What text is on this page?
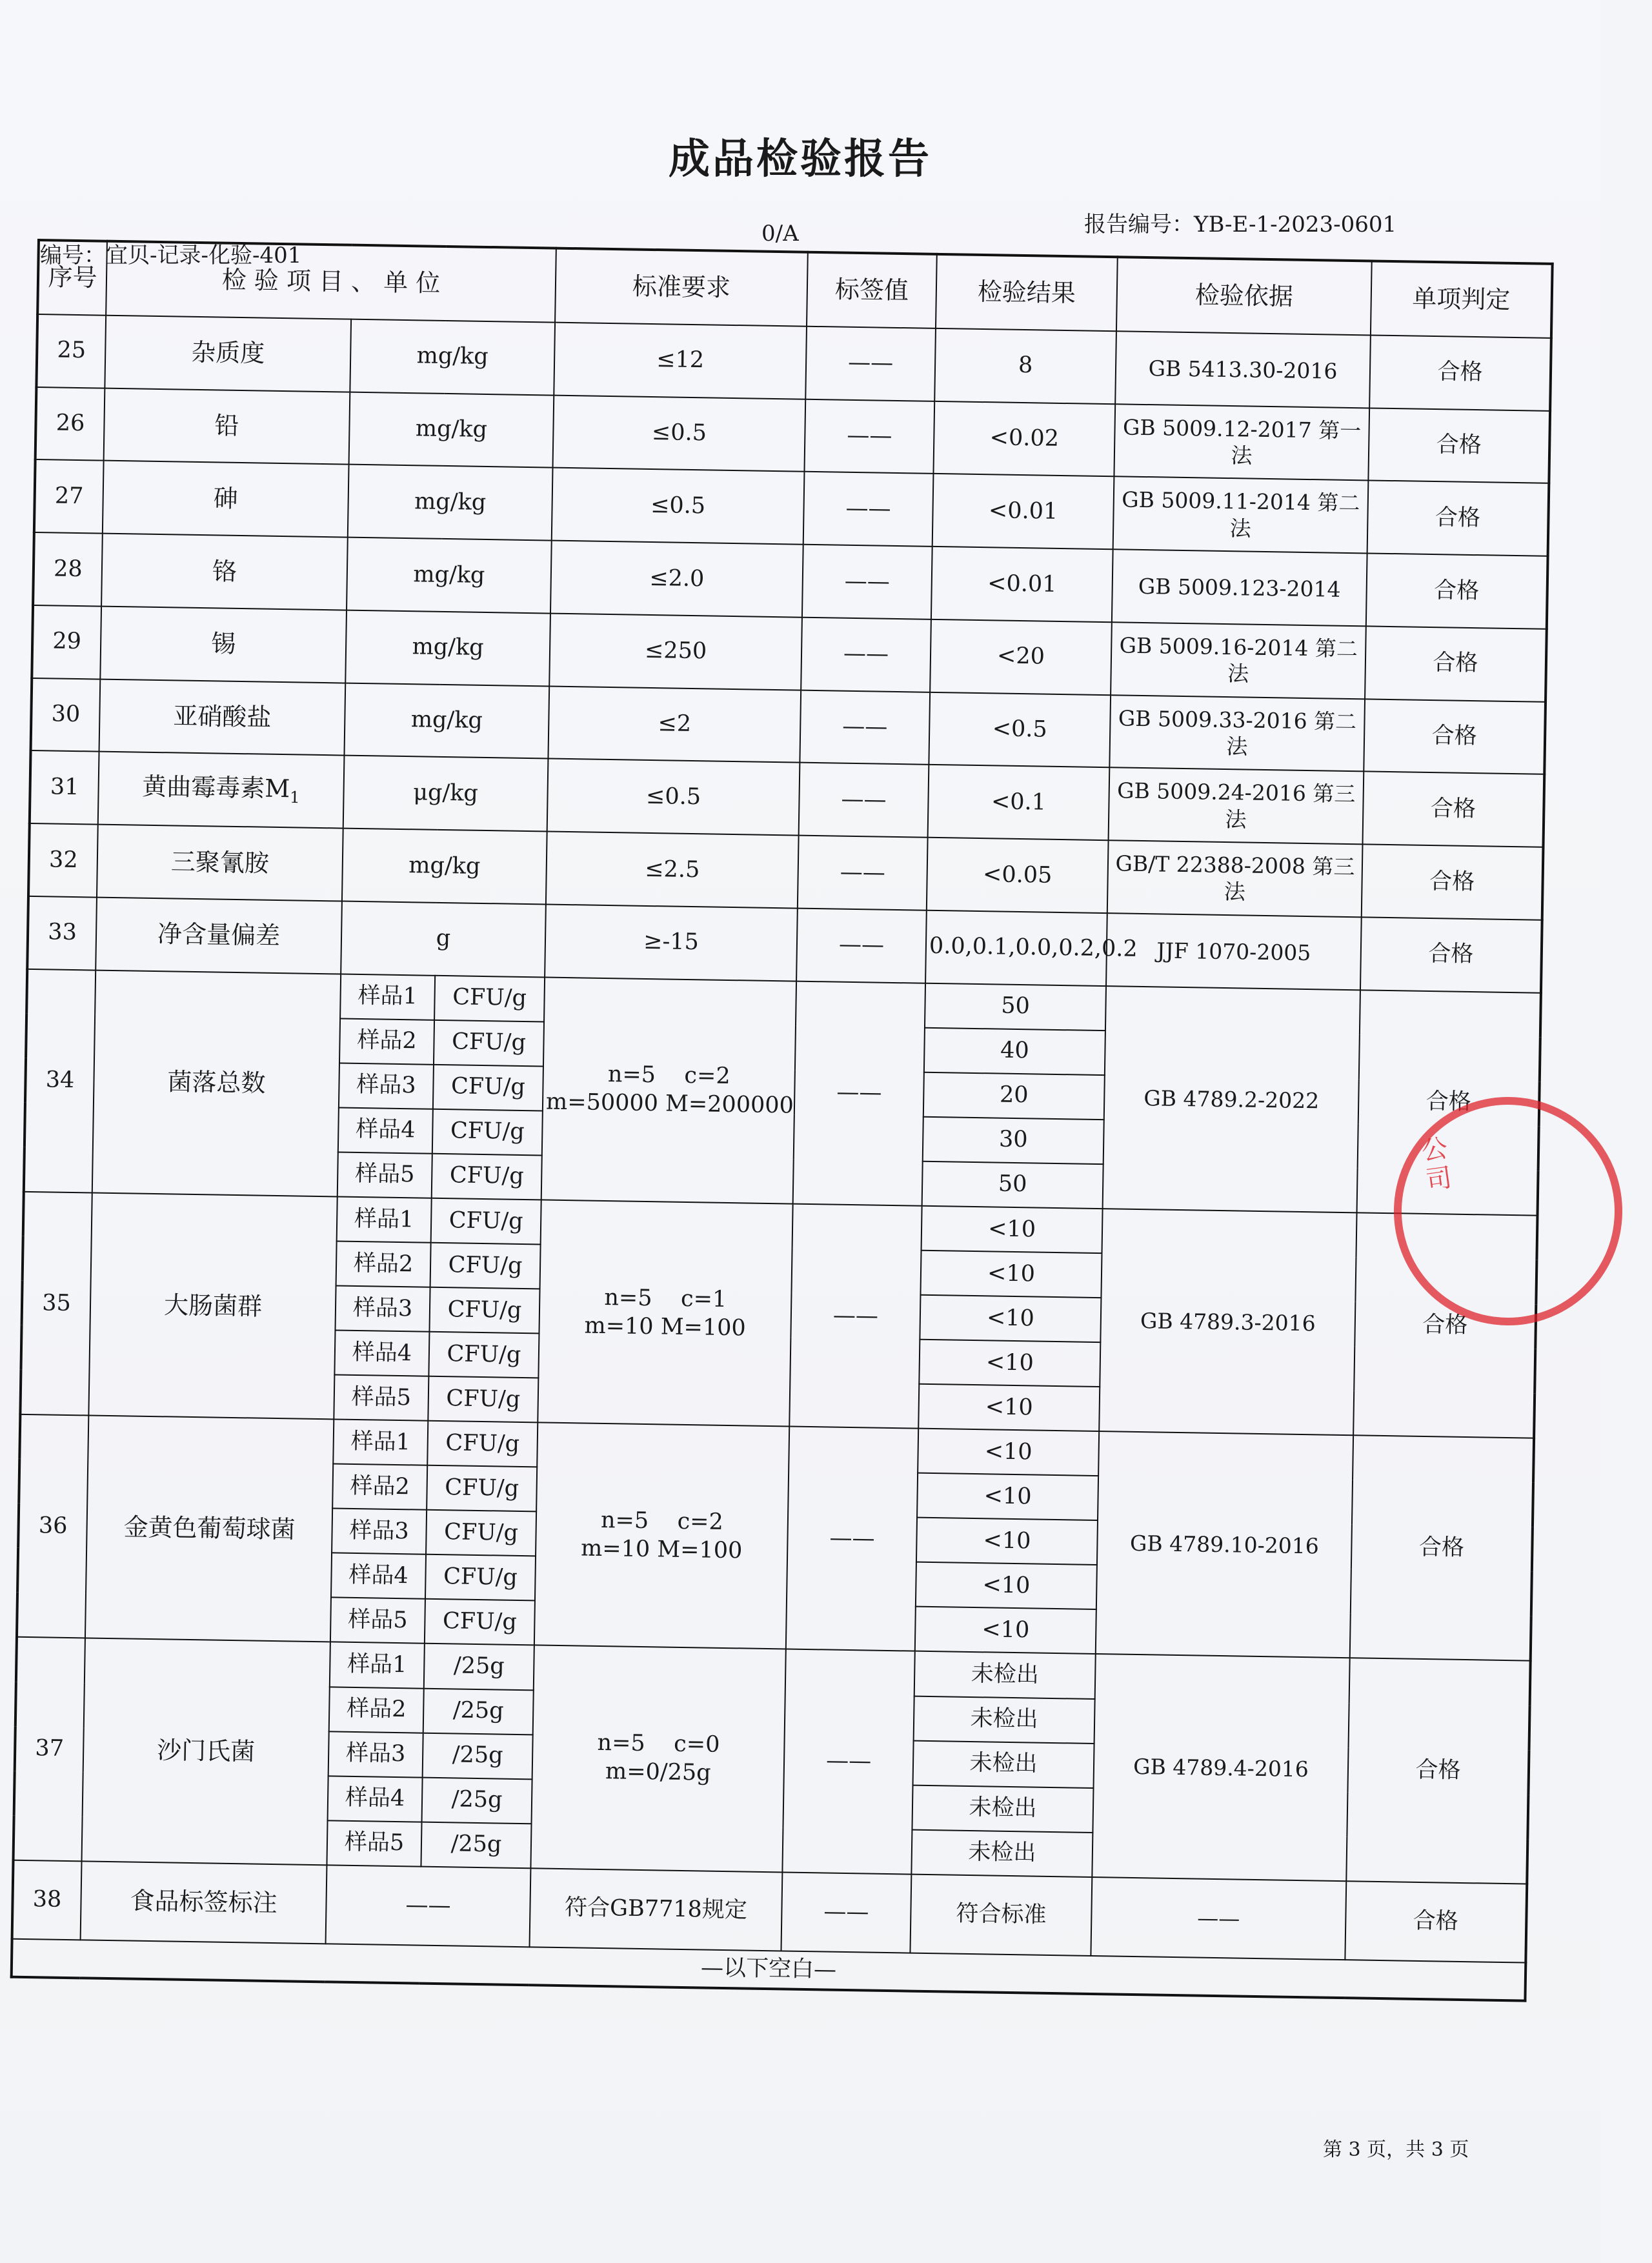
成品检验报告
编号：宜贝-记录-化验-401
0/A	报告编号：YB-E-1-2023-0601
序号	检 验 项 目 、 单 位			标准要求	标签值	检验结果	检验依据	单项判定
25	杂质度	mg/kg		≤12	——	8	GB 5413.30-2016	合格
26	铅	mg/kg		≤0.5	——	<0.02	GB 5009.12-2017 第一法	合格
27	砷	mg/kg		≤0.5	——	<0.01	GB 5009.11-2014 第二法	合格
28	铬	mg/kg		≤2.0	——	<0.01	GB 5009.123-2014	合格
29	锡	mg/kg		≤250	——	<20	GB 5009.16-2014 第二法	合格
30	亚硝酸盐	mg/kg		≤2	——	<0.5	GB 5009.33-2016 第二法	合格
31	黄曲霉毒素$M_1$	μg/kg		≤0.5	——	<0.1	GB 5009.24-2016 第三法	合格
32	三聚氰胺	mg/kg		≤2.5	——	<0.05	GB/T 22388-2008 第三法	合格
33	净含量偏差	g		≥-15	——	0.0,0.1,0.0,0.2,0.2	JJF 1070-2005	合格
34	菌落总数	样品1	CFU/g	n=5    c=2
m=50000 M=200000	——	50	GB 4789.2-2022	合格
		样品2	CFU/g			40		
		样品3	CFU/g			20		
		样品4	CFU/g			30		
		样品5	CFU/g			50		
35	大肠菌群	样品1	CFU/g	n=5    c=1
m=10 M=100	——	<10	GB 4789.3-2016	合格
		样品2	CFU/g			<10		
		样品3	CFU/g			<10		
		样品4	CFU/g			<10		
		样品5	CFU/g			<10		
36	金黄色葡萄球菌	样品1	CFU/g	n=5    c=2
m=10 M=100	——	<10	GB 4789.10-2016	合格
		样品2	CFU/g			<10		
		样品3	CFU/g			<10		
		样品4	CFU/g			<10		
		样品5	CFU/g			<10		
37	沙门氏菌	样品1	/25g	n=5    c=0
m=0/25g	——	未检出	GB 4789.4-2016	合格
		样品2	/25g			未检出		
		样品3	/25g			未检出		
		样品4	/25g			未检出		
		样品5	/25g			未检出		
38	食品标签标注	——		符合GB7718规定	——	符合标准	——	合格
—以下空白—								
公司
第 3 页，共 3 页
